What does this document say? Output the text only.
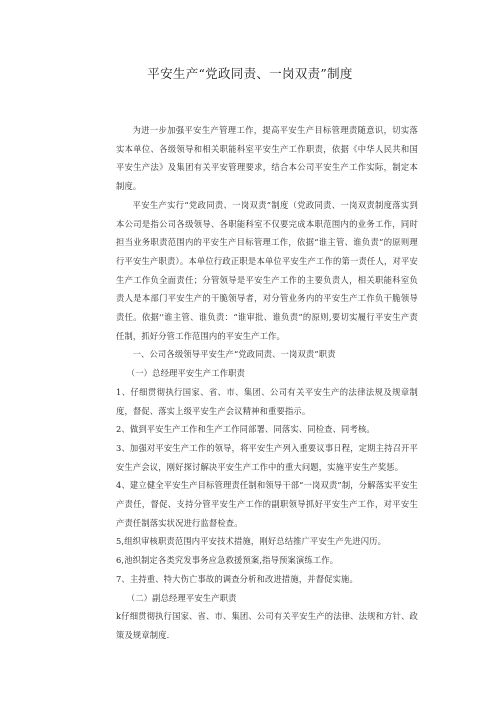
平安生产“党政同责、一岗双责”制度

为进一步加强平安生产管理工作，提高平安生产目标管理责随意识，切实落实本单位、各级领导和相关职能科室平安生产工作职责，依据《中华人民共和国平安生产法》及集团有关平安管理要求，结合本公司平安生产工作实际，制定本制度。

平安生产实行“党政同责、一岗双责”制度（党政同责、一岗双责制度落实到本公司是指公司各级领导、各职能科室不仅要完成本职范围内的业务工作，同时担当业务职责范围内的平安生产目标管理工作，依据“谁主管、谁负责”的原则理行平安生产职责）。本单位行政正职是本单位平安生产工作的第一责任人，对平安生产工作负全面责任；分管领导是平安生产工作的主要负责人，相关职能科室负责人是本部门平安生产的干脆领导者，对分管业务内的平安生产工作负干脆领导责任。依据''谁主管、谁负责：“谁审批、谁负责”的原则,要切实履行平安生产责任制，抓好分管工作范围内的平安生产工作。

一、公司各级领导平安生产“党政同责、一岗双责”职责

（一）总经理平安生产工作职责

1、仔细贯彻执行国家、省、市、集团、公司有关平安生产的法律法规及规章制度，督促、落实上级平安生产会议精神和重要指示。

2、做到平安生产工作和生产工作同部署、同落实、同检查、同考核。

3、加强对平安生产工作的领导，将平安生产列入重要议事日程，定期主持召开平安生产会议，刚好探讨解决平安生产工作中的重大问题，实施平安生产奖惩。

4、建立健全平安生产目标管理责任制和领导干部“一岗双责”制，分解落实平安生产责任，督促、支持分管平安生产工作的副职领导抓好平安生产工作，对平安生产责任制落实状况进行监督检查。

5,组织审核职责范围内平安技术措施，刚好总结推广平安生产先进闪历。

6,池织制定各类究发事务应急救援预案,指导预案演练工作。

7、主持重、特大伤亡事故的调查分析和改进措施，并督促实施。

（二）副总经理平安生产职责

k仔细贯彻执行国家、省、市、集团、公司有关平安生产的法律、法规和方针、政策及规章制度.
